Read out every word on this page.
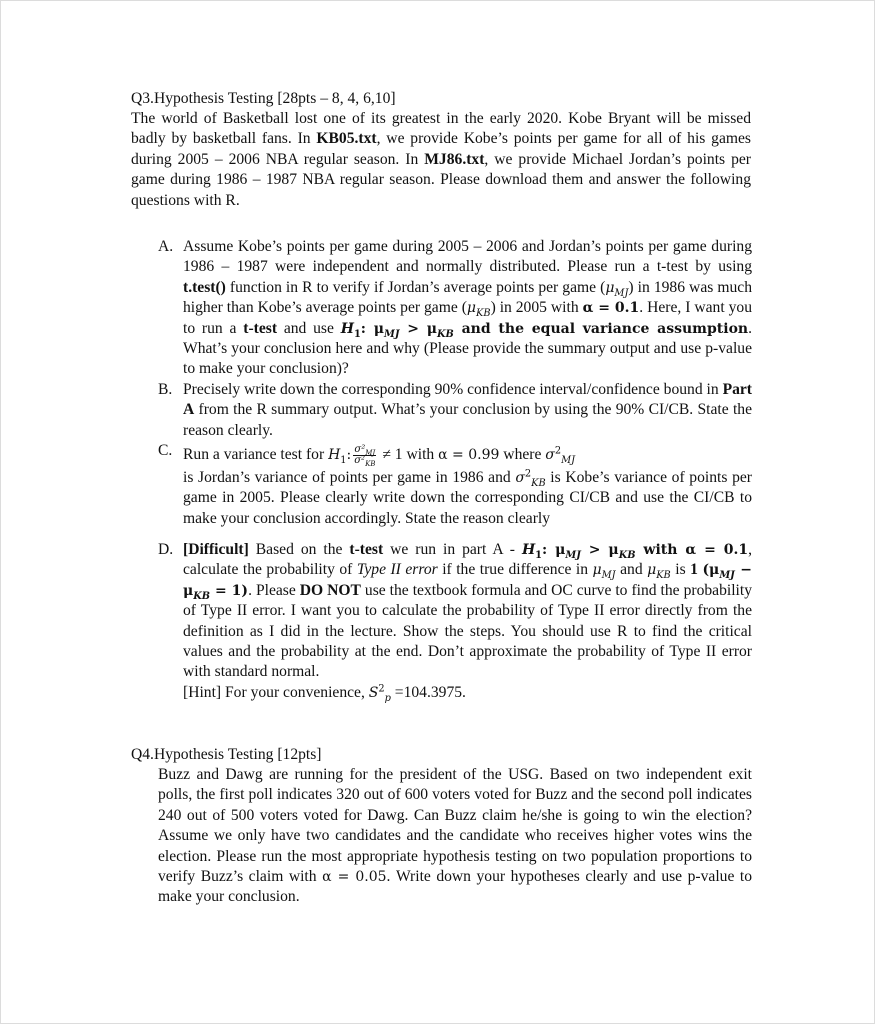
Q3.Hypothesis Testing [28pts – 8, 4, 6,10]
The world of Basketball lost one of its greatest in the early 2020. Kobe Bryant will be missed badly by basketball fans. In KB05.txt, we provide Kobe’s points per game for all of his games during 2005 – 2006 NBA regular season. In MJ86.txt, we provide Michael Jordan’s points per game during 1986 – 1987 NBA regular season. Please download them and answer the following questions with R.
A. Assume Kobe’s points per game during 2005 – 2006 and Jordan’s points per game during 1986 – 1987 were independent and normally distributed. Please run a t-test by using t.test() function in R to verify if Jordan’s average points per game $(\mu_{MJ})$ in 1986 was much higher than Kobe’s average points per game $(\mu_{KB})$ in 2005 with α = 0.1. Here, I want you to run a t-test and use $H_1$: $\mu_{MJ} > \mu_{KB}$ and the equal variance assumption. What’s your conclusion here and why (Please provide the summary output and use p-value to make your conclusion)?
B. Precisely write down the corresponding 90% confidence interval/confidence bound in Part A from the R summary output. What’s your conclusion by using the 90% CI/CB. State the reason clearly.
C. Run a variance test for $H_1$: $\frac{\sigma^2_{MJ}}{\sigma^2_{KB}} \ne 1$ with α = 0.99 where $\sigma^2_{MJ}$
is Jordan’s variance of points per game in 1986 and $\sigma^2_{KB}$ is Kobe’s variance of points per game in 2005. Please clearly write down the corresponding CI/CB and use the CI/CB to make your conclusion accordingly. State the reason clearly
D. [Difficult] Based on the t-test we run in part A - $H_1$: $\mu_{MJ} > \mu_{KB}$ with α = 0.1, calculate the probability of Type II error if the true difference in $\mu_{MJ}$ and $\mu_{KB}$ is 1 $(\mu_{MJ} - \mu_{KB} = 1)$. Please DO NOT use the textbook formula and OC curve to find the probability of Type II error. I want you to calculate the probability of Type II error directly from the definition as I did in the lecture. Show the steps. You should use R to find the critical values and the probability at the end. Don’t approximate the probability of Type II error with standard normal.
[Hint] For your convenience, $S^2_p =104.3975$.
Q4.Hypothesis Testing [12pts]
Buzz and Dawg are running for the president of the USG. Based on two independent exit polls, the first poll indicates 320 out of 600 voters voted for Buzz and the second poll indicates 240 out of 500 voters voted for Dawg. Can Buzz claim he/she is going to win the election? Assume we only have two candidates and the candidate who receives higher votes wins the election. Please run the most appropriate hypothesis testing on two population proportions to verify Buzz’s claim with α = 0.05. Write down your hypotheses clearly and use p-value to make your conclusion.
